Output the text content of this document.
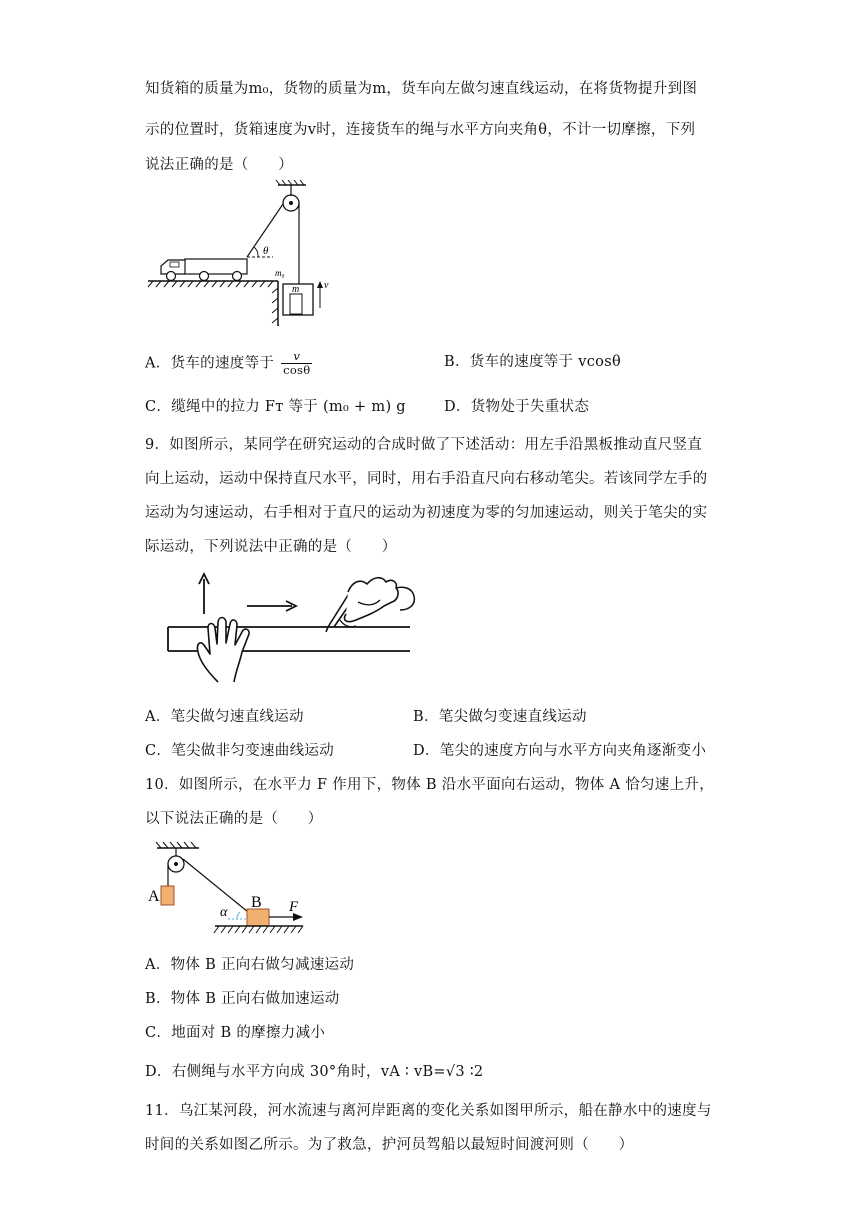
知货箱的质量为m₀，货物的质量为m，货车向左做匀速直线运动，在将货物提升到图
示的位置时，货箱速度为v时，连接货车的绳与水平方向夹角θ，不计一切摩擦，下列
说法正确的是（　　）
θ
m₀
m v
A．货车的速度等于 $\frac{v}{\cos\theta}$	B．货车的速度等于 vcosθ
C．缆绳中的拉力 Fᴛ 等于 (m₀ + m) g	D．货物处于失重状态
9．如图所示，某同学在研究运动的合成时做了下述活动：用左手沿黑板推动直尺竖直
向上运动，运动中保持直尺水平，同时，用右手沿直尺向右移动笔尖。若该同学左手的
运动为匀速运动，右手相对于直尺的运动为初速度为零的匀加速运动，则关于笔尖的实
际运动，下列说法中正确的是（　　）
A．笔尖做匀速直线运动	B．笔尖做匀变速直线运动
C．笔尖做非匀变速曲线运动	D．笔尖的速度方向与水平方向夹角逐渐变小
10．如图所示，在水平力 F 作用下，物体 B 沿水平面向右运动，物体 A 恰匀速上升，
以下说法正确的是（　　）
A	B
α	F
A．物体 B 正向右做匀减速运动
B．物体 B 正向右做加速运动
C．地面对 B 的摩擦力减小
D．右侧绳与水平方向成 30°角时，vA ∶ vB=√3 ∶2
11．乌江某河段，河水流速与离河岸距离的变化关系如图甲所示，船在静水中的速度与
时间的关系如图乙所示。为了救急，护河员驾船以最短时间渡河则（　　）
